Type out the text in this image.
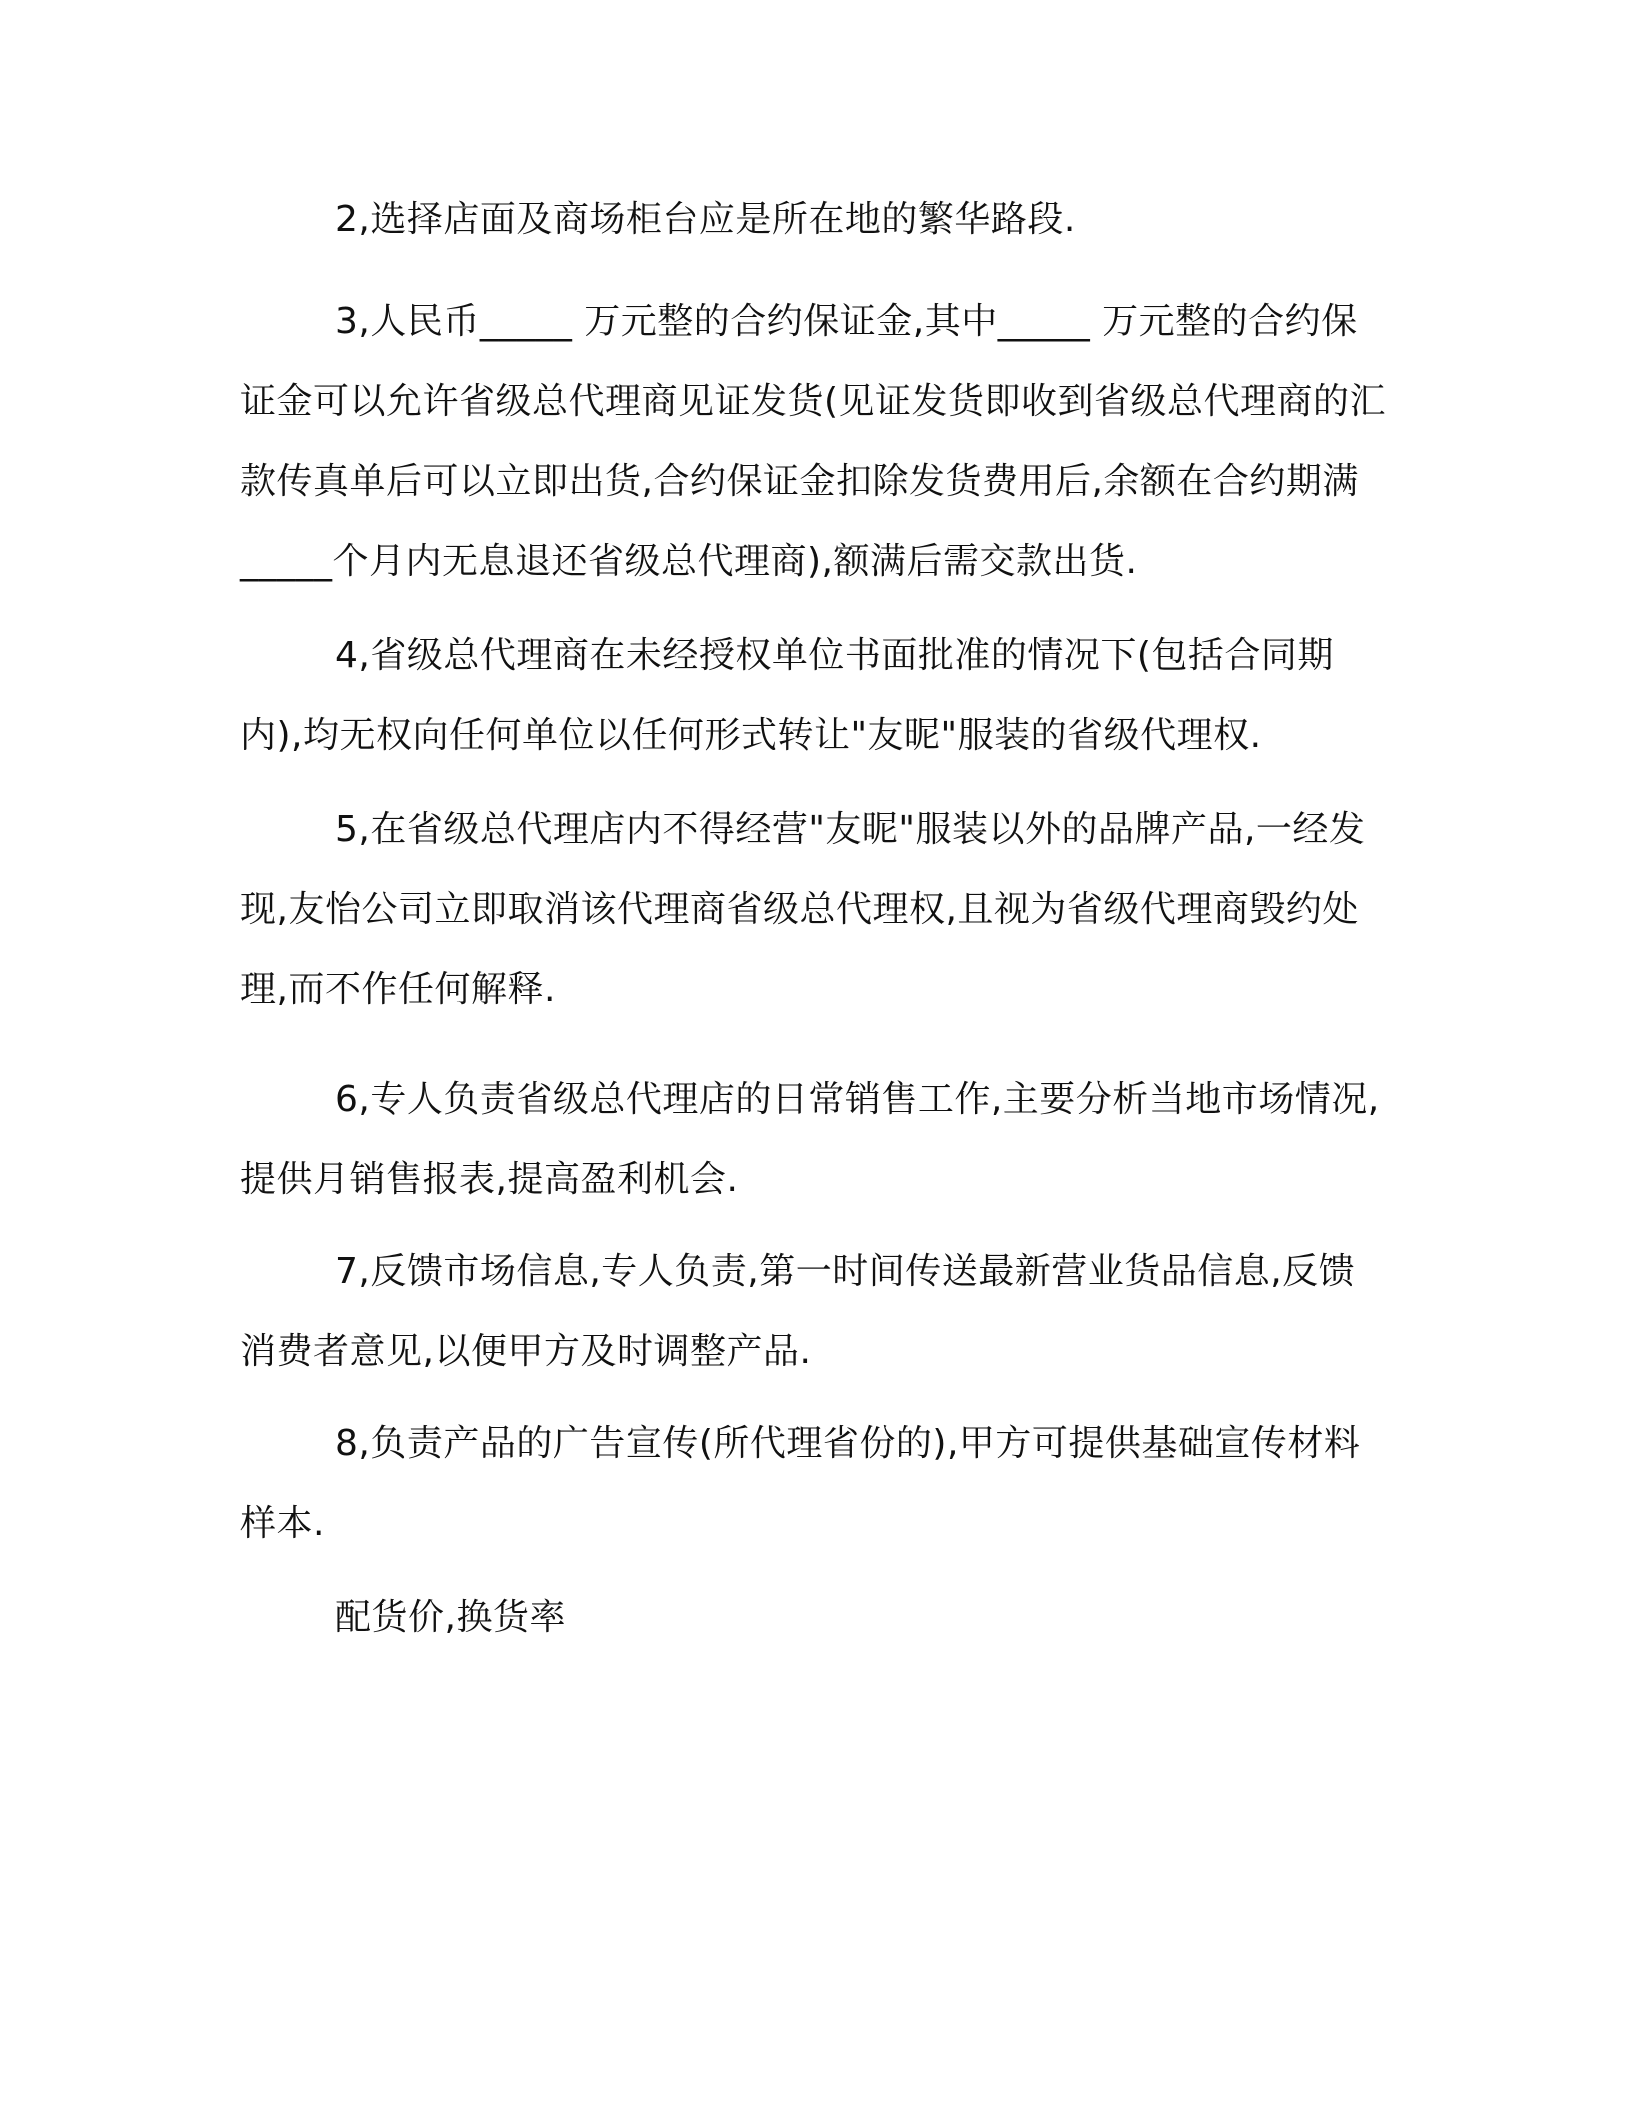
2,选择店面及商场柜台应是所在地的繁华路段.

3,人民币_____ 万元整的合约保证金,其中_____ 万元整的合约保证金可以允许省级总代理商见证发货(见证发货即收到省级总代理商的汇款传真单后可以立即出货,合约保证金扣除发货费用后,余额在合约期满 _____个月内无息退还省级总代理商),额满后需交款出货.

4,省级总代理商在未经授权单位书面批准的情况下(包括合同期内),均无权向任何单位以任何形式转让"友昵"服装的省级代理权.

5,在省级总代理店内不得经营"友昵"服装以外的品牌产品,一经发现,友怡公司立即取消该代理商省级总代理权,且视为省级代理商毁约处理,而不作任何解释.

6,专人负责省级总代理店的日常销售工作,主要分析当地市场情况,提供月销售报表,提高盈利机会.

7,反馈市场信息,专人负责,第一时间传送最新营业货品信息,反馈消费者意见,以便甲方及时调整产品.

8,负责产品的广告宣传(所代理省份的),甲方可提供基础宣传材料样本.

配货价,换货率
